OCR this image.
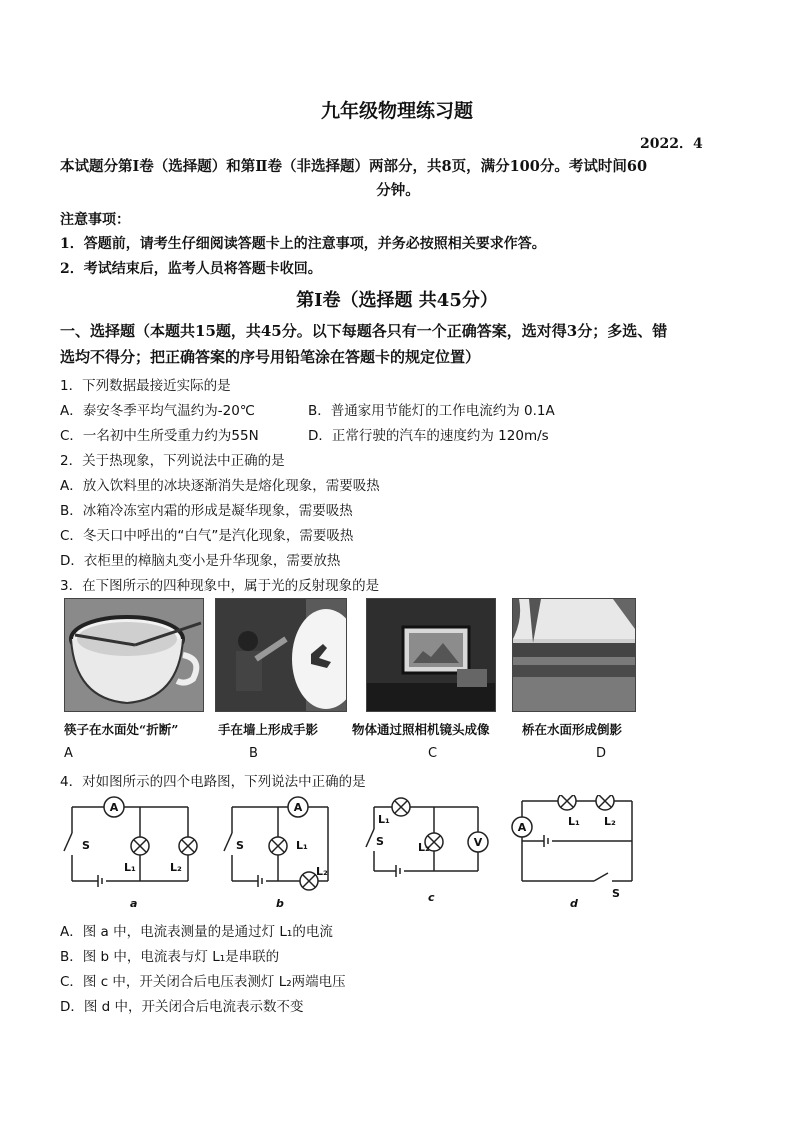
九年级物理练习题
2022．4
本试题分第Ⅰ卷（选择题）和第Ⅱ卷（非选择题）两部分，共8页，满分100分。考试时间60
分钟。
注意事项：
1．答题前，请考生仔细阅读答题卡上的注意事项，并务必按照相关要求作答。
2．考试结束后，监考人员将答题卡收回。
第Ⅰ卷（选择题 共45分）
一、选择题（本题共15题，共45分。以下每题各只有一个正确答案，选对得3分；多选、错
选均不得分；把正确答案的序号用铅笔涂在答题卡的规定位置）
1．下列数据最接近实际的是
A．泰安冬季平均气温约为-20℃	B．普通家用节能灯的工作电流约为 0.1A
C．一名初中生所受重力约为55N	D．正常行驶的汽车的速度约为 120m/s
2．关于热现象，下列说法中正确的是
A．放入饮料里的冰块逐渐消失是熔化现象，需要吸热
B．冰箱冷冻室内霜的形成是凝华现象，需要吸热
C．冬天口中呼出的“白气”是汽化现象，需要吸热
D．衣柜里的樟脑丸变小是升华现象，需要放热
3．在下图所示的四种现象中，属于光的反射现象的是
筷子在水面处“折断”	手在墙上形成手影	物体通过照相机镜头成像	桥在水面形成倒影
A	B	C	D
4．对如图所示的四个电路图，下列说法中正确的是
A
S
L₁	L₂
a
A
S	L₁
L₂
b
V
S
L₁
L₂
c
A	L₁ L₂
S
d
A．图 a 中，电流表测量的是通过灯 L₁的电流
B．图 b 中，电流表与灯 L₁是串联的
C．图 c 中，开关闭合后电压表测灯 L₂两端电压
D．图 d 中，开关闭合后电流表示数不变
